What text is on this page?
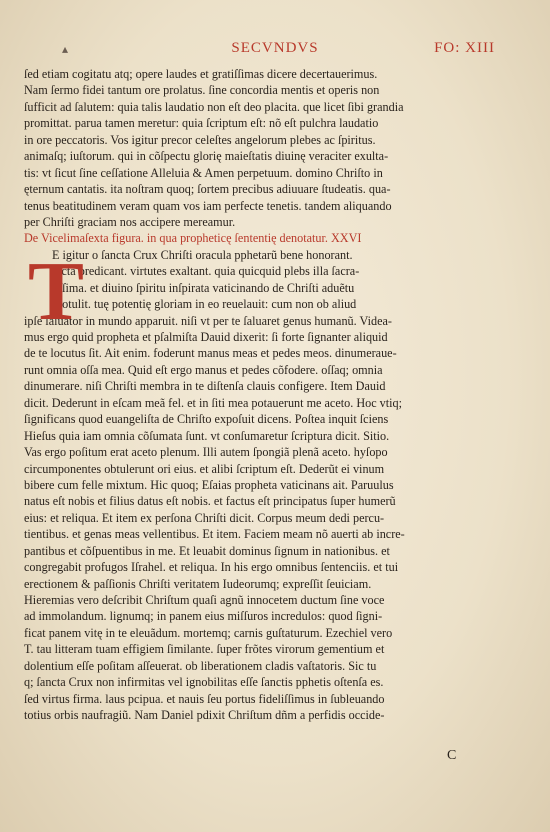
▴	SECVNDVS	FO: XIII
ſed etiam cogitatu atq; opere laudes et gratiſſimas dicere decertauerimus.
Nam ſermo fidei tantum ore prolatus. ſine concordia mentis et operis non
ſufficit ad ſalutem: quia talis laudatio non eſt deo placita. que licet ſibi grandia
promittat. parua tamen meretur: quia ſcriptum eſt: nõ eſt pulchra laudatio
in ore peccatoris. Vos igitur precor celeſtes angelorum plebes ac ſpiritus.
animaſq; iuſtorum. qui in cõſpectu glorię maieſtatis diuinę veraciter exulta-
tis: vt ſicut ſine ceſſatione Alleluia & Amen perpetuum. domino Chriſto in
ęternum cantatis. ita noſtram quoq; ſortem precibus adiuuare ſtudeatis. qua-
tenus beatitudinem veram quam vos iam perfecte tenetis. tandem aliquando
per Chriſti graciam nos accipere mereamur.
De Vicelimaſexta figura. in qua propheticę ſententię denotatur. XXVI
E igitur o ſancta Crux Chriſti oracula pphetarũ bene honorant.
facta predicant. virtutes exaltant. quia quicquid plebs illa ſacra-
tiſſima. et diuino ſpiritu inſpirata vaticinando de Chriſti aduẽtu
protulit. tuę potentię gloriam in eo reuelauit: cum non ob aliud
ipſe ſaluator in mundo apparuit. niſi vt per te ſaluaret genus humanũ. Videa-
mus ergo quid propheta et pſalmiſta Dauid dixerit: ſi forte ſignanter aliquid
de te locutus ſit. Ait enim. foderunt manus meas et pedes meos. dinumeraue-
runt omnia oſſa mea. Quid eſt ergo manus et pedes cõfodere. oſſaq; omnia
dinumerare. niſi Chriſti membra in te diſtenſa clauis configere. Item Dauid
dicit. Dederunt in eſcam meã fel. et in ſiti mea potauerunt me aceto. Hoc vtiq;
ſignificans quod euangeliſta de Chriſto expoſuit dicens. Poſtea inquit ſciens
Hieſus quia iam omnia cõſumata ſunt. vt conſumaretur ſcriptura dicit. Sitio.
Vas ergo poſitum erat aceto plenum. Illi autem ſpongiã plenã aceto. hyſopo
circumponentes obtulerunt ori eius. et alibi ſcriptum eſt. Dederũt ei vinum
bibere cum felle mixtum. Hic quoq; Eſaias propheta vaticinans ait. Paruulus
natus eſt nobis et filius datus eſt nobis. et factus eſt principatus ſuper humerũ
eius: et reliqua. Et item ex perſona Chriſti dicit. Corpus meum dedi percu-
tientibus. et genas meas vellentibus. Et item. Faciem meam nõ auerti ab incre-
pantibus et cõſpuentibus in me. Et leuabit dominus ſignum in nationibus. et
congregabit profugos Iſrahel. et reliqua. In his ergo omnibus ſentenciis. et tui
erectionem & paſſionis Chriſti veritatem Iudeorumq; expreſſit ſeuiciam.
Hieremias vero deſcribit Chriſtum quaſi agnũ innocetem ductum ſine voce
ad immolandum. lignumq; in panem eius miſſuros incredulos: quod ſigni-
ficat panem vitę in te eleuãdum. mortemq; carnis guſtaturum. Ezechiel vero
T. tau litteram tuam effigiem ſimilante. ſuper frõtes virorum gementium et
dolentium eſſe poſitam aſſeuerat. ob liberationem cladis vaſtatoris. Sic tu
q; ſancta Crux non infirmitas vel ignobilitas eſſe ſanctis pphetis oſtenſa es.
ſed virtus firma. laus pcipua. et nauis ſeu portus fideliſſimus in ſubleuando
totius orbis naufragiũ. Nam Daniel pdixit Chriſtum dñm a perfidis occide-
T
C
